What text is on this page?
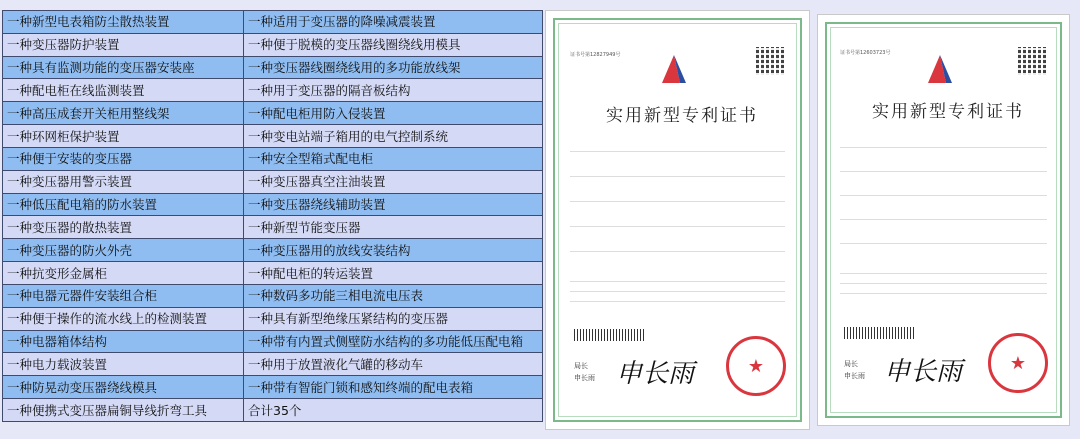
一种新型电表箱防尘散热装置	一种适用于变压器的降噪减震装置
一种变压器防护装置	一种便于脱模的变压器线圈绕线用模具
一种具有监测功能的变压器安装座	一种变压器线圈绕线用的多功能放线架
一种配电柜在线监测装置	一种用于变压器的隔音板结构
一种高压成套开关柜用整线架	一种配电柜用防入侵装置
一种环网柜保护装置	一种变电站端子箱用的电气控制系统
一种便于安装的变压器	一种安全型箱式配电柜
一种变压器用警示装置	一种变压器真空注油装置
一种低压配电箱的防水装置	一种变压器绕线辅助装置
一种变压器的散热装置	一种新型节能变压器
一种变压器的防火外壳	一种变压器用的放线安装结构
一种抗变形金属柜	一种配电柜的转运装置
一种电器元器件安装组合柜	一种数码多功能三相电流电压表
一种便于操作的流水线上的检测装置	一种具有新型绝缘压紧结构的变压器
一种电器箱体结构	一种带有内置式侧壁防水结构的多功能低压配电箱
一种电力载波装置	一种用于放置液化气罐的移动车
一种防晃动变压器绕线模具	一种带有智能门锁和感知终端的配电表箱
一种便携式变压器扁铜导线折弯工具	合计35个
证书号第12827949号
实用新型专利证书
局长
申长雨 申长雨
★
证书号第12603723号
实用新型专利证书
局长
申长雨 申长雨
★
